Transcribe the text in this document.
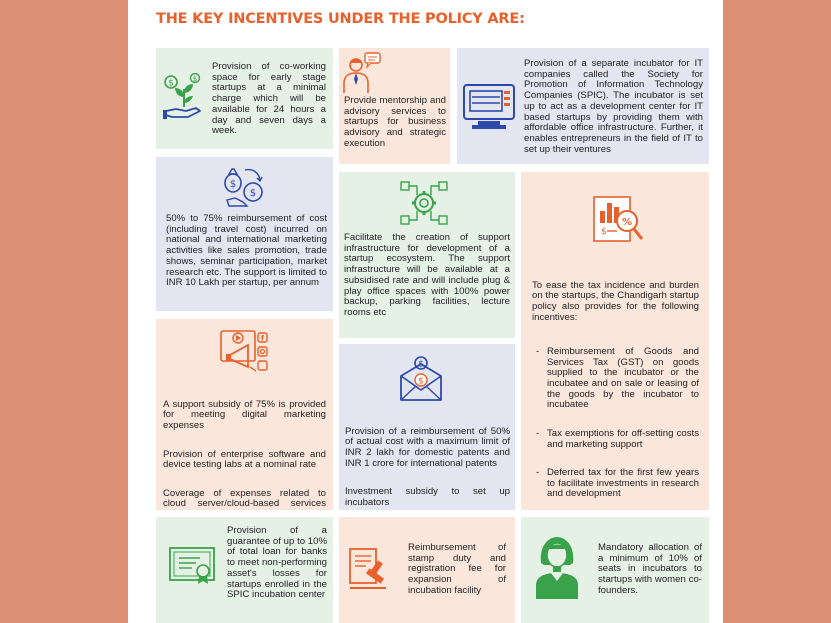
THE KEY INCENTIVES UNDER THE POLICY ARE:
$	$
Provision of co-working space for early stage startups at a minimal charge which will be available for 24 hours a day and seven days a week.
Provide mentorship and advisory services to startups for business advisory and strategic execution
Provision of a separate incubator for IT companies called the Society for Promotion of Information Technology Companies (SPIC). The incubator is set up to act as a development center for IT based startups by providing them with affordable office infrastructure. Further, it enables entrepreneurs in the field of IT to set up their ventures
$
$
50% to 75% reimbursement of cost (including travel cost) incurred on national and international marketing activities like sales promotion, trade shows, seminar participation, market research etc. The support is limited to INR 10 Lakh per startup, per annum
Facilitate the creation of support infrastructure for development of a startup ecosystem. The support infrastructure will be available at a subsidised rate and will include plug & play office spaces with 100% power backup, parking facilities, lecture rooms etc
$
%

To ease the tax incidence and burden on the startups, the Chandigarh startup policy also provides for the following incentives:

- Reimbursement of Goods and Services Tax (GST) on goods supplied to the incubator or the incubatee and on sale or leasing of the goods by the incubator to incubatee

- Tax exemptions for off-setting costs and marketing support

- Deferred tax for the first few years to facilitate investments in research and development

f

A support subsidy of 75% is provided for meeting digital marketing expenses

Provision of enterprise software and device testing labs at a nominal rate

Coverage of expenses related to cloud server/cloud-based services

$
$

Provision of a reimbursement of 50% of actual cost with a maximum limit of INR 2 lakh for domestic patents and INR 1 crore for international patents

Investment subsidy to set up incubators

Provision of a guarantee of up to 10% of total loan for banks to meet non-performing asset's losses for startups enrolled in the SPIC incubation center
Reimbursement of stamp duty and registration fee for expansion of incubation facility
Mandatory allocation of a minimum of 10% of seats in incubators to startups with women co-founders.
